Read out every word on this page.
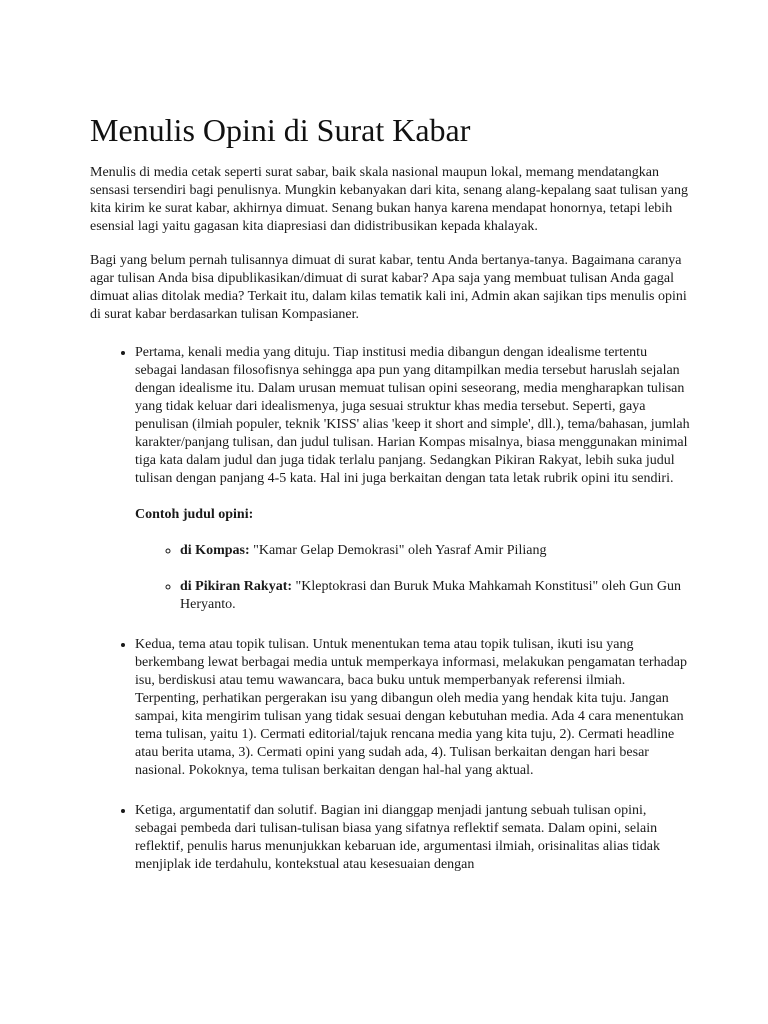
Menulis Opini di Surat Kabar

Menulis di media cetak seperti surat sabar, baik skala nasional maupun lokal, memang mendatangkan sensasi tersendiri bagi penulisnya. Mungkin kebanyakan dari kita, senang alang-kepalang saat tulisan yang kita kirim ke surat kabar, akhirnya dimuat. Senang bukan hanya karena mendapat honornya, tetapi lebih esensial lagi yaitu gagasan kita diapresiasi dan didistribusikan kepada khalayak.

Bagi yang belum pernah tulisannya dimuat di surat kabar, tentu Anda bertanya-tanya. Bagaimana caranya agar tulisan Anda bisa dipublikasikan/dimuat di surat kabar? Apa saja yang membuat tulisan Anda gagal dimuat alias ditolak media? Terkait itu, dalam kilas tematik kali ini, Admin akan sajikan tips menulis opini di surat kabar berdasarkan tulisan Kompasianer.

• Pertama, kenali media yang dituju. Tiap institusi media dibangun dengan idealisme tertentu sebagai landasan filosofisnya sehingga apa pun yang ditampilkan media tersebut haruslah sejalan dengan idealisme itu. Dalam urusan memuat tulisan opini seseorang, media mengharapkan tulisan yang tidak keluar dari idealismenya, juga sesuai struktur khas media tersebut. Seperti, gaya penulisan (ilmiah populer, teknik 'KISS' alias 'keep it short and simple', dll.), tema/bahasan, jumlah karakter/panjang tulisan, dan judul tulisan. Harian Kompas misalnya, biasa menggunakan minimal tiga kata dalam judul dan juga tidak terlalu panjang. Sedangkan Pikiran Rakyat, lebih suka judul tulisan dengan panjang 4-5 kata. Hal ini juga berkaitan dengan tata letak rubrik opini itu sendiri.

Contoh judul opini:

◦ di Kompas: "Kamar Gelap Demokrasi" oleh Yasraf Amir Piliang
◦ di Pikiran Rakyat: "Kleptokrasi dan Buruk Muka Mahkamah Konstitusi" oleh Gun Gun Heryanto.
• Kedua, tema atau topik tulisan. Untuk menentukan tema atau topik tulisan, ikuti isu yang berkembang lewat berbagai media untuk memperkaya informasi, melakukan pengamatan terhadap isu, berdiskusi atau temu wawancara, baca buku untuk memperbanyak referensi ilmiah. Terpenting, perhatikan pergerakan isu yang dibangun oleh media yang hendak kita tuju. Jangan sampai, kita mengirim tulisan yang tidak sesuai dengan kebutuhan media. Ada 4 cara menentukan tema tulisan, yaitu 1). Cermati editorial/tajuk rencana media yang kita tuju, 2). Cermati headline atau berita utama, 3). Cermati opini yang sudah ada, 4). Tulisan berkaitan dengan hari besar nasional. Pokoknya, tema tulisan berkaitan dengan hal-hal yang aktual.
• Ketiga, argumentatif dan solutif. Bagian ini dianggap menjadi jantung sebuah tulisan opini, sebagai pembeda dari tulisan-tulisan biasa yang sifatnya reflektif semata. Dalam opini, selain reflektif, penulis harus menunjukkan kebaruan ide, argumentasi ilmiah, orisinalitas alias tidak menjiplak ide terdahulu, kontekstual atau kesesuaian dengan
